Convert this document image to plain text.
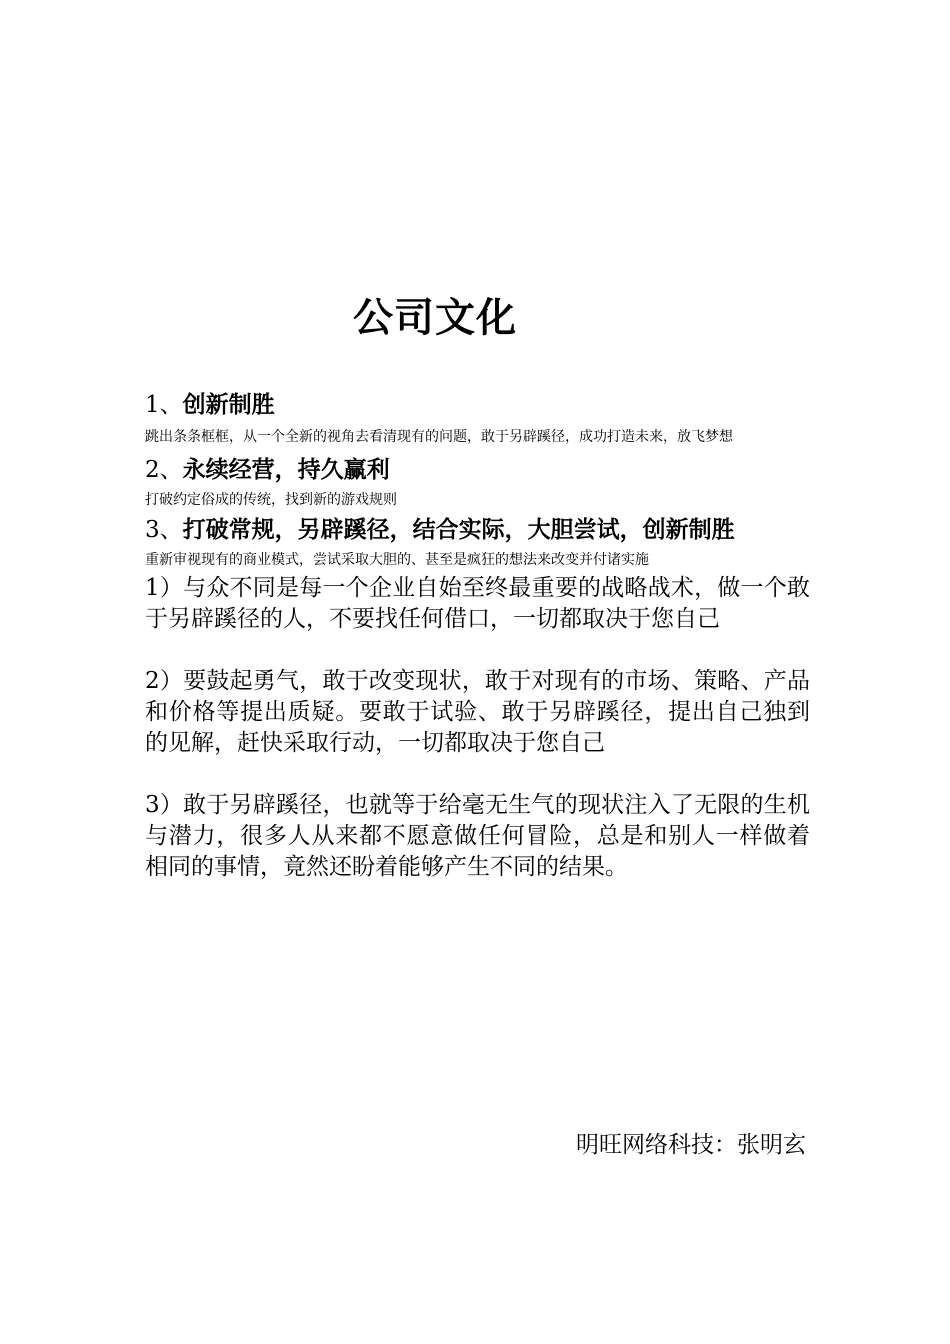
公司文化

1、创新制胜

跳出条条框框，从一个全新的视角去看清现有的问题，敢于另辟蹊径，成功打造未来，放飞梦想

2、永续经营，持久赢利

打破约定俗成的传统，找到新的游戏规则

3、打破常规，另辟蹊径，结合实际，大胆尝试，创新制胜

重新审视现有的商业模式，尝试采取大胆的、甚至是疯狂的想法来改变并付诸实施

1）与众不同是每一个企业自始至终最重要的战略战术，做一个敢于另辟蹊径的人，不要找任何借口，一切都取决于您自己

2）要鼓起勇气，敢于改变现状，敢于对现有的市场、策略、产品和价格等提出质疑。要敢于试验、敢于另辟蹊径，提出自己独到的见解，赶快采取行动，一切都取决于您自己

3）敢于另辟蹊径，也就等于给毫无生气的现状注入了无限的生机与潜力，很多人从来都不愿意做任何冒险，总是和别人一样做着相同的事情，竟然还盼着能够产生不同的结果。

明旺网络科技：张明玄
